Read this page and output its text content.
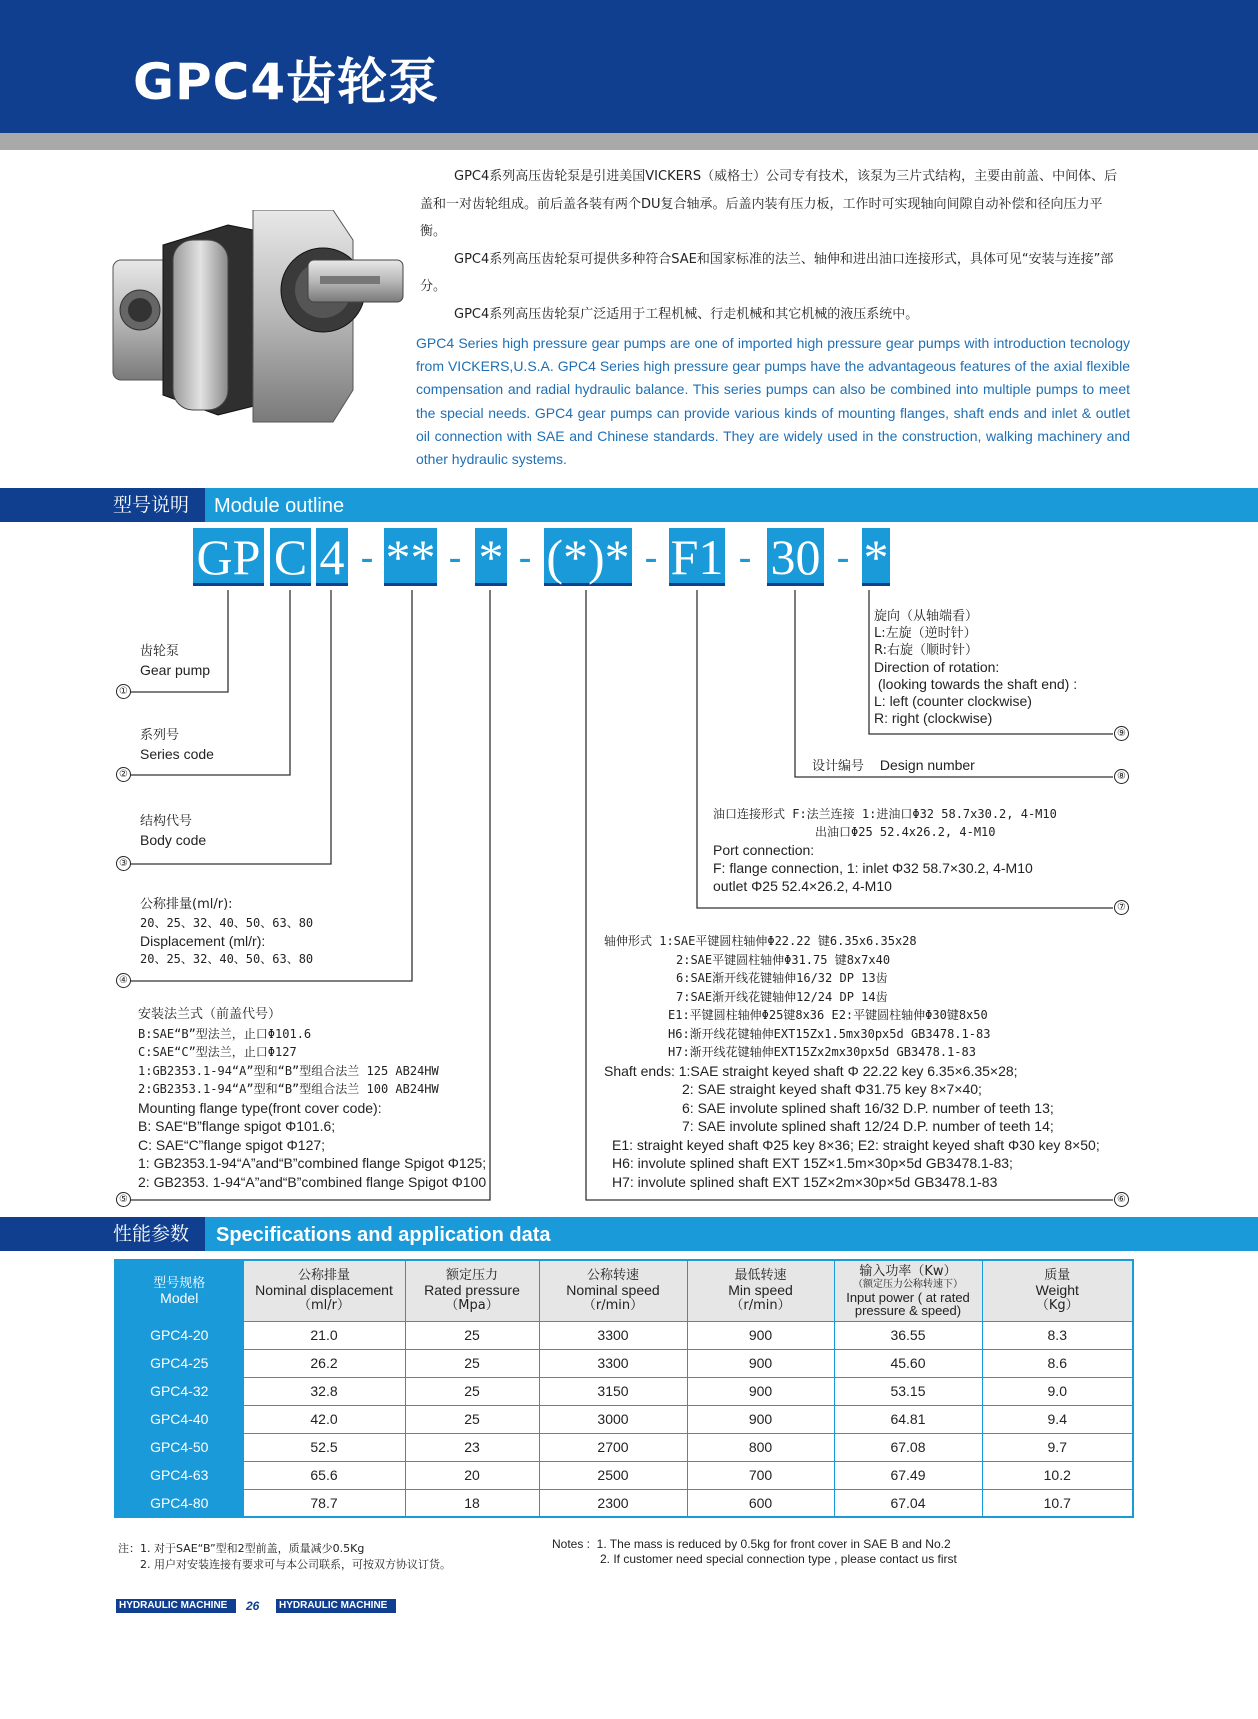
GPC4齿轮泵

GPC4系列高压齿轮泵是引进美国VICKERS（威格士）公司专有技术，该泵为三片式结构，主要由前盖、中间体、后盖和一对齿轮组成。前后盖各装有两个DU复合轴承。后盖内装有压力板，工作时可实现轴向间隙自动补偿和径向压力平衡。

GPC4系列高压齿轮泵可提供多种符合SAE和国家标准的法兰、轴伸和进出油口连接形式，具体可见“安装与连接”部分。

GPC4系列高压齿轮泵广泛适用于工程机械、行走机械和其它机械的液压系统中。

GPC4 Series high pressure gear pumps are one of imported high pressure gear pumps with introduction tecnology from VICKERS,U.S.A. GPC4 Series high pressure gear pumps have the advantageous features of the axial flexible compensation and radial hydraulic balance. This series pumps can also be combined into multiple pumps to meet the special needs. GPC4 gear pumps can provide various kinds of mounting flanges, shaft ends and inlet & outlet oil connection with SAE and Chinese standards. They are widely used in the construction, walking machinery and other hydraulic systems.
型号说明	Module outline
GP C 4 - ** - * - (*)* - F1 - 30 - *
①
齿轮泵
Gear pump
②
系列号
Series code
③
结构代号
Body code
④
公称排量(ml/r):
20、25、32、40、50、63、80
Displacement (ml/r):
20、25、32、40、50、63、80
⑤
安装法兰式（前盖代号）
B:SAE“B”型法兰，止口Φ101.6
C:SAE“C”型法兰，止口Φ127
1:GB2353.1-94“A”型和“B”型组合法兰 125 AB24HW
2:GB2353.1-94“A”型和“B”型组合法兰 100 AB24HW
Mounting flange type(front cover code):
B: SAE“B”flange spigot Φ101.6;
C: SAE“C”flange spigot Φ127;
1: GB2353.1-94“A”and“B”combined flange Spigot Φ125;
2: GB2353. 1-94“A”and“B”combined flange Spigot Φ100
⑨
旋向（从轴端看）
L:左旋（逆时针）
R:右旋（顺时针）
Direction of rotation:
(looking towards the shaft end) :
L: left (counter clockwise)
R: right (clockwise)
⑧
设计编号 Design number
⑦
油口连接形式 F:法兰连接 1:进油口Φ32 58.7x30.2, 4-M10
出油口Φ25 52.4x26.2, 4-M10
Port connection:
F: flange connection, 1: inlet Φ32 58.7×30.2, 4-M10
outlet Φ25 52.4×26.2, 4-M10
⑥
轴伸形式 1:SAE平键圆柱轴伸Φ22.22 键6.35x6.35x28
2:SAE平键圆柱轴伸Φ31.75 键8x7x40
6:SAE渐开线花键轴伸16/32 DP 13齿
7:SAE渐开线花键轴伸12/24 DP 14齿
E1:平键圆柱轴伸Φ25键8x36 E2:平键圆柱轴伸Φ30键8x50
H6:渐开线花键轴伸EXT15Zx1.5mx30px5d GB3478.1-83
H7:渐开线花键轴伸EXT15Zx2mx30px5d GB3478.1-83
Shaft ends: 1:SAE straight keyed shaft Φ 22.22 key 6.35×6.35×28;
2: SAE straight keyed shaft Φ31.75 key 8×7×40;
6: SAE involute splined shaft 16/32 D.P. number of teeth 13;
7: SAE involute splined shaft 12/24 D.P. number of teeth 14;
E1: straight keyed shaft Φ25 key 8×36; E2: straight keyed shaft Φ30 key 8×50;
H6: involute splined shaft EXT 15Z×1.5m×30p×5d GB3478.1-83;
H7: involute splined shaft EXT 15Z×2m×30p×5d GB3478.1-83
性能参数	Specifications and application data
型号规格
Model	公称排量
Nominal displacement
（ml/r）	额定压力
Rated pressure
（Mpa）	公称转速
Nominal speed
（r/min）	最低转速
Min speed
（r/min）	输入功率（Kw）
（额定压力公称转速下）
Input power ( at rated
pressure & speed)	质量
Weight
（Kg）

GPC4-20	21.0	25	3300	900	36.55	8.3
GPC4-25	26.2	25	3300	900	45.60	8.6
GPC4-32	32.8	25	3150	900	53.15	9.0
GPC4-40	42.0	25	3000	900	64.81	9.4
GPC4-50	52.5	23	2700	800	67.08	9.7
GPC4-63	65.6	20	2500	700	67.49	10.2
GPC4-80	78.7	18	2300	600	67.04	10.7
注：1. 对于SAE“B”型和2型前盖，质量减少0.5Kg
2. 用户对安装连接有要求可与本公司联系，可按双方协议订货。
Notes :  1. The mass is reduced by 0.5kg for front cover in SAE B and No.2
2. If customer need special connection type , please contact us first
HYDRAULIC MACHINE	26	HYDRAULIC MACHINE
